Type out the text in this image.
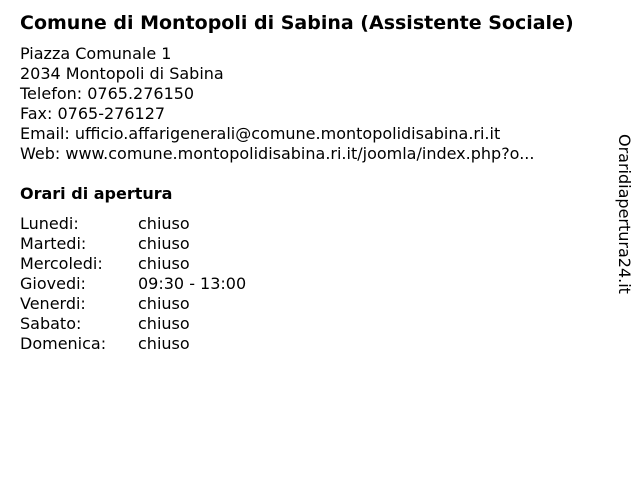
Comune di Montopoli di Sabina (Assistente Sociale)
Piazza Comunale 1
2034 Montopoli di Sabina
Telefon: 0765.276150
Fax: 0765-276127
Email: ufficio.affarigenerali@comune.montopolidisabina.ri.it
Web: www.comune.montopolidisabina.ri.it/joomla/index.php?o...
Orari di apertura
Lunedi:	chiuso
Martedi:	chiuso
Mercoledi: chiuso
Giovedi:	09:30 - 13:00
Venerdi:	chiuso
Sabato:	chiuso
Domenica: chiuso
Oraridiapertura24.it
